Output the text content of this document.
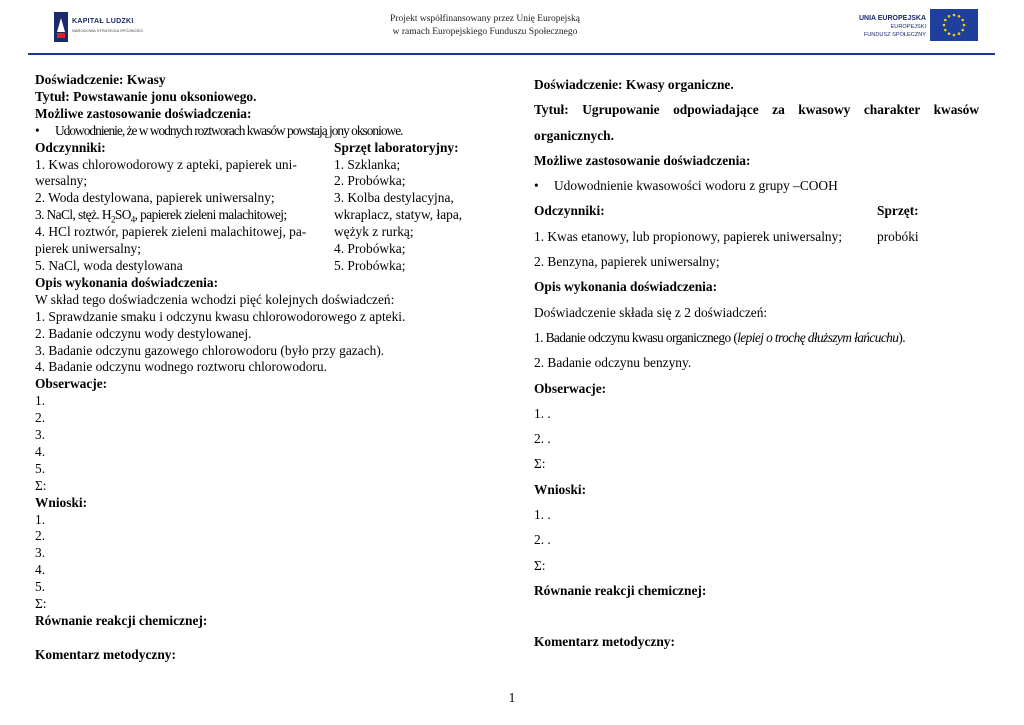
KAPITAŁ LUDZKI
NARODOWA STRATEGIA SPÓJNOŚCI
Projekt współfinansowany przez Unię Europejską
w ramach Europejskiego Funduszu Społecznego
UNIA EUROPEJSKA
EUROPEJSKI
FUNDUSZ SPOŁECZNY
Doświadczenie: Kwasy
Tytuł: Powstawanie jonu oksoniowego.
Możliwe zastosowanie doświadczenia:
•	Udowodnienie, że w wodnych roztworach kwasów powstają jony oksoniowe.
Odczynniki:
1. Kwas chlorowodorowy z apteki, papierek uni-
wersalny;
2. Woda destylowana, papierek uniwersalny;
3. NaCl, stęż. $H_2SO_4$, papierek zieleni malachitowej;
4. HCl roztwór, papierek zieleni malachitowej, pa-
pierek uniwersalny;
5. NaCl, woda destylowana
Sprzęt laboratoryjny:
1. Szklanka;
2. Probówka;
3. Kolba destylacyjna,
wkraplacz, statyw, łapa,
wężyk z rurką;
4. Probówka;
5. Probówka;
Opis wykonania doświadczenia:
W skład tego doświadczenia wchodzi pięć kolejnych doświadczeń:
1. Sprawdzanie smaku i odczynu kwasu chlorowodorowego z apteki.
2. Badanie odczynu wody destylowanej.
3. Badanie odczynu gazowego chlorowodoru (było przy gazach).
4. Badanie odczynu wodnego roztworu chlorowodoru.
Obserwacje:
1.
2.
3.
4.
5.
Σ:
Wnioski:
1.
2.
3.
4.
5.
Σ:
Równanie reakcji chemicznej:
Komentarz metodyczny:
Doświadczenie: Kwasy organiczne.
Tytuł: Ugrupowanie odpowiadające za kwasowy charakter kwasów
organicznych.
Możliwe zastosowanie doświadczenia:
•	Udowodnienie kwasowości wodoru z grupy –COOH
Odczynniki:
1. Kwas etanowy, lub propionowy, papierek uniwersalny;
2. Benzyna, papierek uniwersalny;
Sprzęt:
probóki
Opis wykonania doświadczenia:
Doświadczenie składa się z 2 doświadczeń:
1. Badanie odczynu kwasu organicznego (lepiej o trochę dłuższym łańcuchu).
2. Badanie odczynu benzyny.
Obserwacje:
1. .
2. .
Σ:
Wnioski:
1. .
2. .
Σ:
Równanie reakcji chemicznej:
Komentarz metodyczny:
1
